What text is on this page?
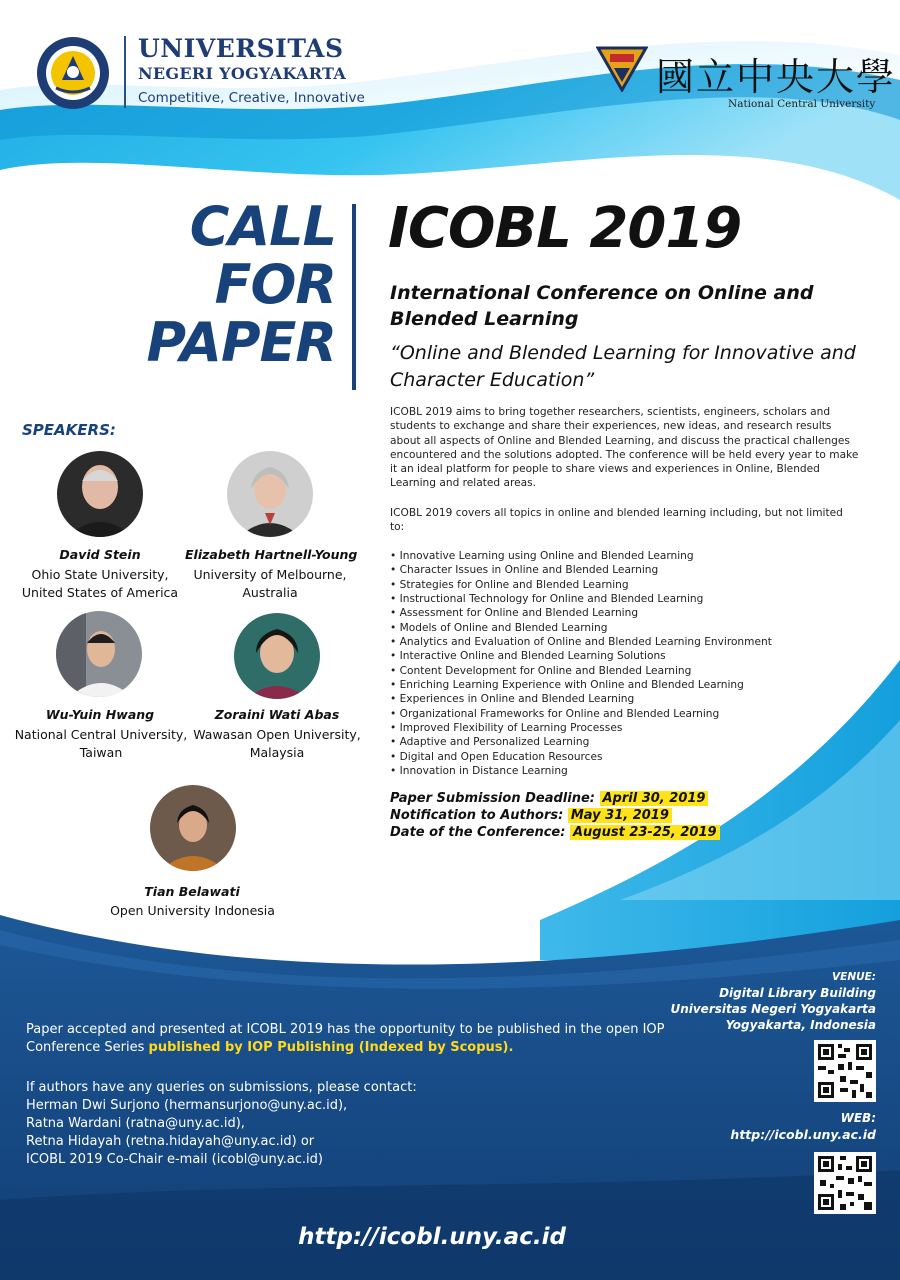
UNIVERSITAS
NEGERI YOGYAKARTA
Competitive, Creative, Innovative	國立中央大學
National Central University
CALL
FOR
PAPER
ICOBL 2019
International Conference on Online and Blended Learning
“Online and Blended Learning for Innovative and Character Education”
ICOBL 2019 aims to bring together researchers, scientists, engineers, scholars and students to exchange and share their experiences, new ideas, and research results about all aspects of Online and Blended Learning, and discuss the practical challenges encountered and the solutions adopted. The conference will be held every year to make it an ideal platform for people to share views and experiences in Online, Blended Learning and related areas.
ICOBL 2019 covers all topics in online and blended learning including, but not limited to:
• Innovative Learning using Online and Blended Learning
• Character Issues in Online and Blended Learning
• Strategies for Online and Blended Learning
• Instructional Technology for Online and Blended Learning
• Assessment for Online and Blended Learning
• Models of Online and Blended Learning
• Analytics and Evaluation of Online and Blended Learning Environment
• Interactive Online and Blended Learning Solutions
• Content Development for Online and Blended Learning
• Enriching Learning Experience with Online and Blended Learning
• Experiences in Online and Blended Learning
• Organizational Frameworks for Online and Blended Learning
• Improved Flexibility of Learning Processes
• Adaptive and Personalized Learning
• Digital and Open Education Resources
• Innovation in Distance Learning
Paper Submission Deadline: April 30, 2019
Notification to Authors: May 31, 2019
Date of the Conference: August 23-25, 2019
SPEAKERS:
David Stein
Ohio State University,
United States of America
Elizabeth Hartnell-Young
University of Melbourne,
Australia
Wu-Yuin Hwang
National Central University,
Taiwan
Zoraini Wati Abas
Wawasan Open University,
Malaysia
Tian Belawati
Open University Indonesia
Paper accepted and presented at ICOBL 2019 has the opportunity to be published in the open IOP Conference Series published by IOP Publishing (Indexed by Scopus).
If authors have any queries on submissions, please contact:
Herman Dwi Surjono (hermansurjono@uny.ac.id),
Ratna Wardani (ratna@uny.ac.id),
Retna Hidayah (retna.hidayah@uny.ac.id) or
ICOBL 2019 Co-Chair e-mail (icobl@uny.ac.id)
VENUE:
Digital Library Building
Universitas Negeri Yogyakarta
Yogyakarta, Indonesia
WEB:
http://icobl.uny.ac.id
http://icobl.uny.ac.id
